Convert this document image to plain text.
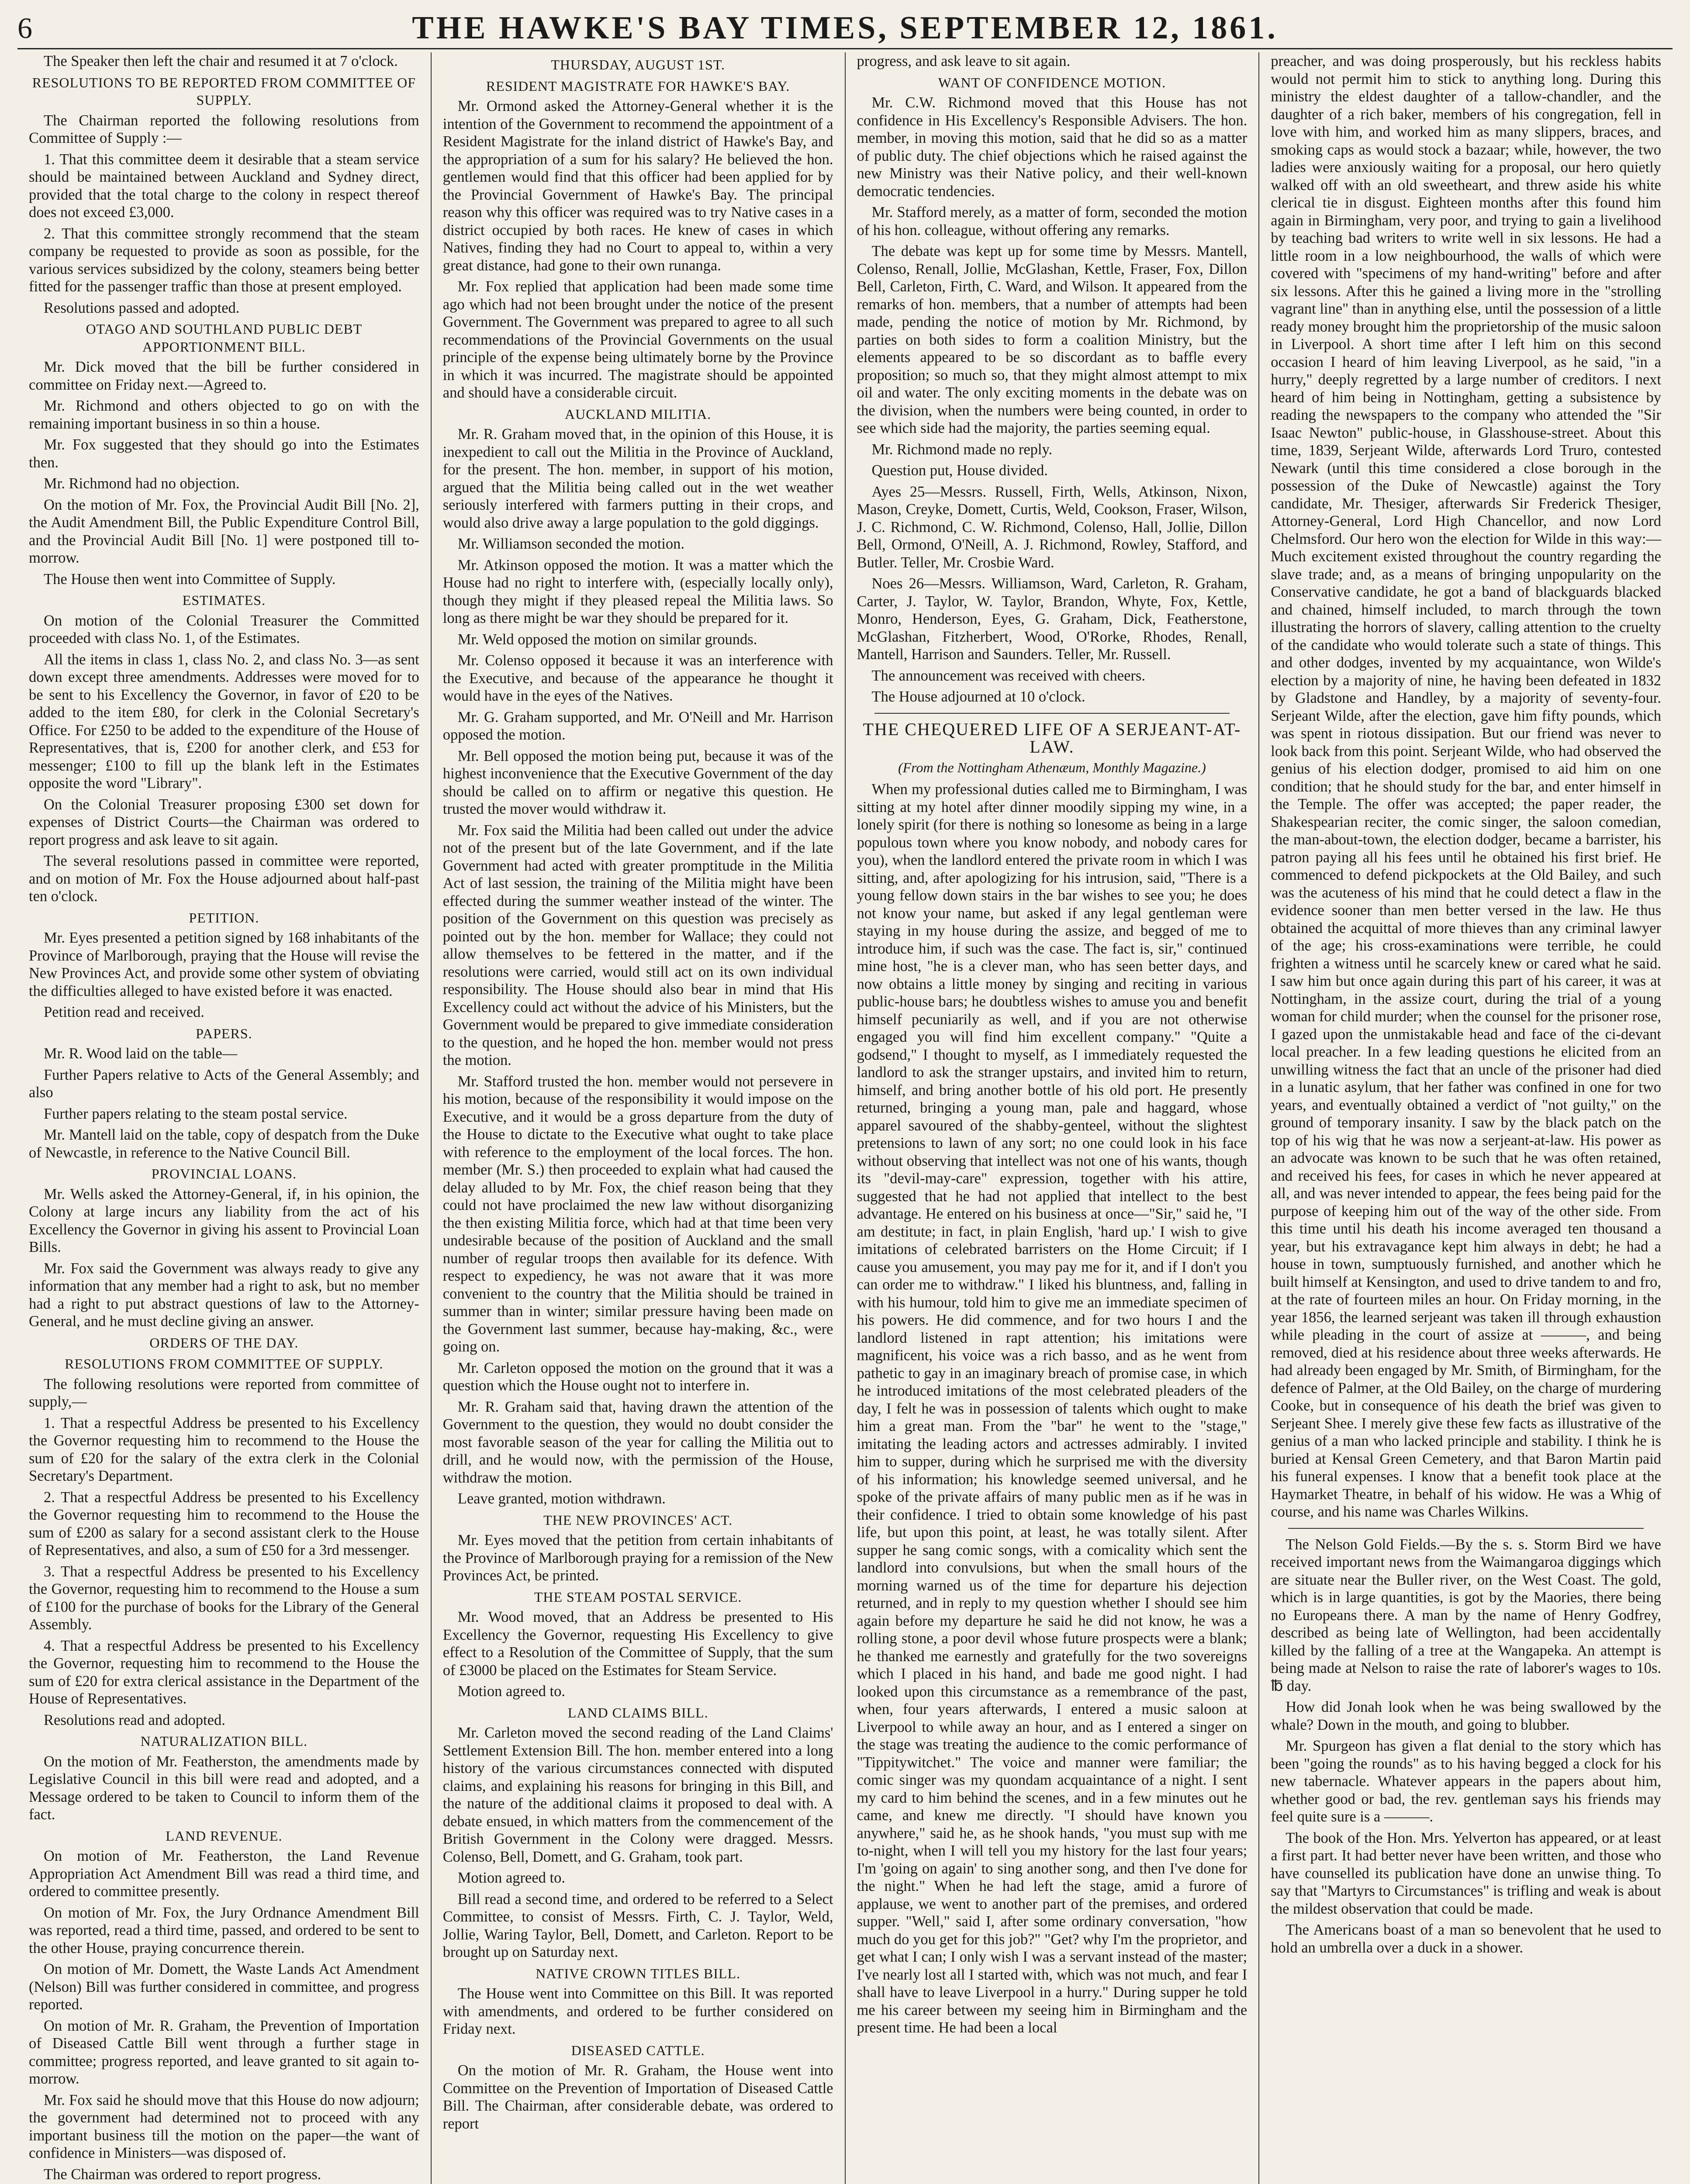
6	THE HAWKE'S BAY TIMES, SEPTEMBER 12, 1861.
The Speaker then left the chair and resumed it at 7 o'clock.
RESOLUTIONS TO BE REPORTED FROM COMMITTEE OF SUPPLY.
The Chairman reported the following resolutions from Committee of Supply :—
1. That this committee deem it desirable that a steam service should be maintained between Auckland and Sydney direct, provided that the total charge to the colony in respect thereof does not exceed £3,000.
2. That this committee strongly recommend that the steam company be requested to provide as soon as possible, for the various services subsidized by the colony, steamers being better fitted for the passenger traffic than those at present employed.
Resolutions passed and adopted.
OTAGO AND SOUTHLAND PUBLIC DEBT APPORTIONMENT BILL.
Mr. Dick moved that the bill be further considered in committee on Friday next.—Agreed to.
Mr. Richmond and others objected to go on with the remaining important business in so thin a house.
Mr. Fox suggested that they should go into the Estimates then.
Mr. Richmond had no objection.
On the motion of Mr. Fox, the Provincial Audit Bill [No. 2], the Audit Amendment Bill, the Public Expenditure Control Bill, and the Provincial Audit Bill [No. 1] were postponed till to-morrow.
The House then went into Committee of Supply.
ESTIMATES.
On motion of the Colonial Treasurer the Committed proceeded with class No. 1, of the Estimates.
All the items in class 1, class No. 2, and class No. 3—as sent down except three amendments. Addresses were moved for to be sent to his Excellency the Governor, in favor of £20 to be added to the item £80, for clerk in the Colonial Secretary's Office. For £250 to be added to the expenditure of the House of Representatives, that is, £200 for another clerk, and £53 for messenger; £100 to fill up the blank left in the Estimates opposite the word "Library".
On the Colonial Treasurer proposing £300 set down for expenses of District Courts—the Chairman was ordered to report progress and ask leave to sit again.
The several resolutions passed in committee were reported, and on motion of Mr. Fox the House adjourned about half-past ten o'clock.
PETITION.
Mr. Eyes presented a petition signed by 168 inhabitants of the Province of Marlborough, praying that the House will revise the New Provinces Act, and provide some other system of obviating the difficulties alleged to have existed before it was enacted.
Petition read and received.
PAPERS.
Mr. R. Wood laid on the table—
Further Papers relative to Acts of the General Assembly; and also
Further papers relating to the steam postal service.
Mr. Mantell laid on the table, copy of despatch from the Duke of Newcastle, in reference to the Native Council Bill.
PROVINCIAL LOANS.
Mr. Wells asked the Attorney-General, if, in his opinion, the Colony at large incurs any liability from the act of his Excellency the Governor in giving his assent to Provincial Loan Bills.
Mr. Fox said the Government was always ready to give any information that any member had a right to ask, but no member had a right to put abstract questions of law to the Attorney-General, and he must decline giving an answer.
ORDERS OF THE DAY.
RESOLUTIONS FROM COMMITTEE OF SUPPLY.
The following resolutions were reported from committee of supply,—
1. That a respectful Address be presented to his Excellency the Governor requesting him to recommend to the House the sum of £20 for the salary of the extra clerk in the Colonial Secretary's Department.
2. That a respectful Address be presented to his Excellency the Governor requesting him to recommend to the House the sum of £200 as salary for a second assistant clerk to the House of Representatives, and also, a sum of £50 for a 3rd messenger.
3. That a respectful Address be presented to his Excellency the Governor, requesting him to recommend to the House a sum of £100 for the purchase of books for the Library of the General Assembly.
4. That a respectful Address be presented to his Excellency the Governor, requesting him to recommend to the House the sum of £20 for extra clerical assistance in the Department of the House of Representatives.
Resolutions read and adopted.
NATURALIZATION BILL.
On the motion of Mr. Featherston, the amendments made by Legislative Council in this bill were read and adopted, and a Message ordered to be taken to Council to inform them of the fact.
LAND REVENUE.
On motion of Mr. Featherston, the Land Revenue Appropriation Act Amendment Bill was read a third time, and ordered to committee presently.
On motion of Mr. Fox, the Jury Ordnance Amendment Bill was reported, read a third time, passed, and ordered to be sent to the other House, praying concurrence therein.
On motion of Mr. Domett, the Waste Lands Act Amendment (Nelson) Bill was further considered in committee, and progress reported.
On motion of Mr. R. Graham, the Prevention of Importation of Diseased Cattle Bill went through a further stage in committee; progress reported, and leave granted to sit again to-morrow.
Mr. Fox said he should move that this House do now adjourn; the government had determined not to proceed with any important business till the motion on the paper—the want of confidence in Ministers—was disposed of.
The Chairman was ordered to report progress.
THURSDAY, AUGUST 1ST.
RESIDENT MAGISTRATE FOR HAWKE'S BAY.
Mr. Ormond asked the Attorney-General whether it is the intention of the Government to recommend the appointment of a Resident Magistrate for the inland district of Hawke's Bay, and the appropriation of a sum for his salary? He believed the hon. gentlemen would find that this officer had been applied for by the Provincial Government of Hawke's Bay. The principal reason why this officer was required was to try Native cases in a district occupied by both races. He knew of cases in which Natives, finding they had no Court to appeal to, within a very great distance, had gone to their own runanga.
Mr. Fox replied that application had been made some time ago which had not been brought under the notice of the present Government. The Government was prepared to agree to all such recommendations of the Provincial Governments on the usual principle of the expense being ultimately borne by the Province in which it was incurred. The magistrate should be appointed and should have a considerable circuit.
AUCKLAND MILITIA.
Mr. R. Graham moved that, in the opinion of this House, it is inexpedient to call out the Militia in the Province of Auckland, for the present. The hon. member, in support of his motion, argued that the Militia being called out in the wet weather seriously interfered with farmers putting in their crops, and would also drive away a large population to the gold diggings.
Mr. Williamson seconded the motion.
Mr. Atkinson opposed the motion. It was a matter which the House had no right to interfere with, (especially locally only), though they might if they pleased repeal the Militia laws. So long as there might be war they should be prepared for it.
Mr. Weld opposed the motion on similar grounds.
Mr. Colenso opposed it because it was an interference with the Executive, and because of the appearance he thought it would have in the eyes of the Natives.
Mr. G. Graham supported, and Mr. O'Neill and Mr. Harrison opposed the motion.
Mr. Bell opposed the motion being put, because it was of the highest inconvenience that the Executive Government of the day should be called on to affirm or negative this question. He trusted the mover would withdraw it.
Mr. Fox said the Militia had been called out under the advice not of the present but of the late Government, and if the late Government had acted with greater promptitude in the Militia Act of last session, the training of the Militia might have been effected during the summer weather instead of the winter. The position of the Government on this question was precisely as pointed out by the hon. member for Wallace; they could not allow themselves to be fettered in the matter, and if the resolutions were carried, would still act on its own individual responsibility. The House should also bear in mind that His Excellency could act without the advice of his Ministers, but the Government would be prepared to give immediate consideration to the question, and he hoped the hon. member would not press the motion.
Mr. Stafford trusted the hon. member would not persevere in his motion, because of the responsibility it would impose on the Executive, and it would be a gross departure from the duty of the House to dictate to the Executive what ought to take place with reference to the employment of the local forces. The hon. member (Mr. S.) then proceeded to explain what had caused the delay alluded to by Mr. Fox, the chief reason being that they could not have proclaimed the new law without disorganizing the then existing Militia force, which had at that time been very undesirable because of the position of Auckland and the small number of regular troops then available for its defence. With respect to expediency, he was not aware that it was more convenient to the country that the Militia should be trained in summer than in winter; similar pressure having been made on the Government last summer, because hay-making, &c., were going on.
Mr. Carleton opposed the motion on the ground that it was a question which the House ought not to interfere in.
Mr. R. Graham said that, having drawn the attention of the Government to the question, they would no doubt consider the most favorable season of the year for calling the Militia out to drill, and he would now, with the permission of the House, withdraw the motion.
Leave granted, motion withdrawn.
THE NEW PROVINCES' ACT.
Mr. Eyes moved that the petition from certain inhabitants of the Province of Marlborough praying for a remission of the New Provinces Act, be printed.
THE STEAM POSTAL SERVICE.
Mr. Wood moved, that an Address be presented to His Excellency the Governor, requesting His Excellency to give effect to a Resolution of the Committee of Supply, that the sum of £3000 be placed on the Estimates for Steam Service.
Motion agreed to.
LAND CLAIMS BILL.
Mr. Carleton moved the second reading of the Land Claims' Settlement Extension Bill. The hon. member entered into a long history of the various circumstances connected with disputed claims, and explaining his reasons for bringing in this Bill, and the nature of the additional claims it proposed to deal with. A debate ensued, in which matters from the commencement of the British Government in the Colony were dragged. Messrs. Colenso, Bell, Domett, and G. Graham, took part.
Motion agreed to.
Bill read a second time, and ordered to be referred to a Select Committee, to consist of Messrs. Firth, C. J. Taylor, Weld, Jollie, Waring Taylor, Bell, Domett, and Carleton. Report to be brought up on Saturday next.
NATIVE CROWN TITLES BILL.
The House went into Committee on this Bill. It was reported with amendments, and ordered to be further considered on Friday next.
DISEASED CATTLE.
On the motion of Mr. R. Graham, the House went into Committee on the Prevention of Importation of Diseased Cattle Bill. The Chairman, after considerable debate, was ordered to report
progress, and ask leave to sit again.
WANT OF CONFIDENCE MOTION.
Mr. C.W. Richmond moved that this House has not confidence in His Excellency's Responsible Advisers. The hon. member, in moving this motion, said that he did so as a matter of public duty. The chief objections which he raised against the new Ministry was their Native policy, and their well-known democratic tendencies.
Mr. Stafford merely, as a matter of form, seconded the motion of his hon. colleague, without offering any remarks.
The debate was kept up for some time by Messrs. Mantell, Colenso, Renall, Jollie, McGlashan, Kettle, Fraser, Fox, Dillon Bell, Carleton, Firth, C. Ward, and Wilson. It appeared from the remarks of hon. members, that a number of attempts had been made, pending the notice of motion by Mr. Richmond, by parties on both sides to form a coalition Ministry, but the elements appeared to be so discordant as to baffle every proposition; so much so, that they might almost attempt to mix oil and water. The only exciting moments in the debate was on the division, when the numbers were being counted, in order to see which side had the majority, the parties seeming equal.
Mr. Richmond made no reply.
Question put, House divided.
Ayes 25—Messrs. Russell, Firth, Wells, Atkinson, Nixon, Mason, Creyke, Domett, Curtis, Weld, Cookson, Fraser, Wilson, J. C. Richmond, C. W. Richmond, Colenso, Hall, Jollie, Dillon Bell, Ormond, O'Neill, A. J. Richmond, Rowley, Stafford, and Butler. Teller, Mr. Crosbie Ward.
Noes 26—Messrs. Williamson, Ward, Carleton, R. Graham, Carter, J. Taylor, W. Taylor, Brandon, Whyte, Fox, Kettle, Monro, Henderson, Eyes, G. Graham, Dick, Featherstone, McGlashan, Fitzherbert, Wood, O'Rorke, Rhodes, Renall, Mantell, Harrison and Saunders. Teller, Mr. Russell.
The announcement was received with cheers.
The House adjourned at 10 o'clock.
THE CHEQUERED LIFE OF A SERJEANT-AT-LAW.
(From the Nottingham Athenæum, Monthly Magazine.)
When my professional duties called me to Birmingham, I was sitting at my hotel after dinner moodily sipping my wine, in a lonely spirit (for there is nothing so lonesome as being in a large populous town where you know nobody, and nobody cares for you), when the landlord entered the private room in which I was sitting, and, after apologizing for his intrusion, said, "There is a young fellow down stairs in the bar wishes to see you; he does not know your name, but asked if any legal gentleman were staying in my house during the assize, and begged of me to introduce him, if such was the case. The fact is, sir," continued mine host, "he is a clever man, who has seen better days, and now obtains a little money by singing and reciting in various public-house bars; he doubtless wishes to amuse you and benefit himself pecuniarily as well, and if you are not otherwise engaged you will find him excellent company." "Quite a godsend," I thought to myself, as I immediately requested the landlord to ask the stranger upstairs, and invited him to return, himself, and bring another bottle of his old port. He presently returned, bringing a young man, pale and haggard, whose apparel savoured of the shabby-genteel, without the slightest pretensions to lawn of any sort; no one could look in his face without observing that intellect was not one of his wants, though its "devil-may-care" expression, together with his attire, suggested that he had not applied that intellect to the best advantage. He entered on his business at once—"Sir," said he, "I am destitute; in fact, in plain English, 'hard up.' I wish to give imitations of celebrated barristers on the Home Circuit; if I cause you amusement, you may pay me for it, and if I don't you can order me to withdraw." I liked his bluntness, and, falling in with his humour, told him to give me an immediate specimen of his powers. He did commence, and for two hours I and the landlord listened in rapt attention; his imitations were magnificent, his voice was a rich basso, and as he went from pathetic to gay in an imaginary breach of promise case, in which he introduced imitations of the most celebrated pleaders of the day, I felt he was in possession of talents which ought to make him a great man. From the "bar" he went to the "stage," imitating the leading actors and actresses admirably. I invited him to supper, during which he surprised me with the diversity of his information; his knowledge seemed universal, and he spoke of the private affairs of many public men as if he was in their confidence. I tried to obtain some knowledge of his past life, but upon this point, at least, he was totally silent. After supper he sang comic songs, with a comicality which sent the landlord into convulsions, but when the small hours of the morning warned us of the time for departure his dejection returned, and in reply to my question whether I should see him again before my departure he said he did not know, he was a rolling stone, a poor devil whose future prospects were a blank; he thanked me earnestly and gratefully for the two sovereigns which I placed in his hand, and bade me good night. I had looked upon this circumstance as a remembrance of the past, when, four years afterwards, I entered a music saloon at Liverpool to while away an hour, and as I entered a singer on the stage was treating the audience to the comic performance of "Tippitywitchet." The voice and manner were familiar; the comic singer was my quondam acquaintance of a night. I sent my card to him behind the scenes, and in a few minutes out he came, and knew me directly. "I should have known you anywhere," said he, as he shook hands, "you must sup with me to-night, when I will tell you my history for the last four years; I'm 'going on again' to sing another song, and then I've done for the night." When he had left the stage, amid a furore of applause, we went to another part of the premises, and ordered supper. "Well," said I, after some ordinary conversation, "how much do you get for this job?" "Get? why I'm the proprietor, and get what I can; I only wish I was a servant instead of the master; I've nearly lost all I started with, which was not much, and fear I shall have to leave Liverpool in a hurry." During supper he told me his career between my seeing him in Birmingham and the present time. He had been a local
preacher, and was doing prosperously, but his reckless habits would not permit him to stick to anything long. During this ministry the eldest daughter of a tallow-chandler, and the daughter of a rich baker, members of his congregation, fell in love with him, and worked him as many slippers, braces, and smoking caps as would stock a bazaar; while, however, the two ladies were anxiously waiting for a proposal, our hero quietly walked off with an old sweetheart, and threw aside his white clerical tie in disgust. Eighteen months after this found him again in Birmingham, very poor, and trying to gain a livelihood by teaching bad writers to write well in six lessons. He had a little room in a low neighbourhood, the walls of which were covered with "specimens of my hand-writing" before and after six lessons. After this he gained a living more in the "strolling vagrant line" than in anything else, until the possession of a little ready money brought him the proprietorship of the music saloon in Liverpool. A short time after I left him on this second occasion I heard of him leaving Liverpool, as he said, "in a hurry," deeply regretted by a large number of creditors. I next heard of him being in Nottingham, getting a subsistence by reading the newspapers to the company who attended the "Sir Isaac Newton" public-house, in Glasshouse-street. About this time, 1839, Serjeant Wilde, afterwards Lord Truro, contested Newark (until this time considered a close borough in the possession of the Duke of Newcastle) against the Tory candidate, Mr. Thesiger, afterwards Sir Frederick Thesiger, Attorney-General, Lord High Chancellor, and now Lord Chelmsford. Our hero won the election for Wilde in this way:—Much excitement existed throughout the country regarding the slave trade; and, as a means of bringing unpopularity on the Conservative candidate, he got a band of blackguards blacked and chained, himself included, to march through the town illustrating the horrors of slavery, calling attention to the cruelty of the candidate who would tolerate such a state of things. This and other dodges, invented by my acquaintance, won Wilde's election by a majority of nine, he having been defeated in 1832 by Gladstone and Handley, by a majority of seventy-four. Serjeant Wilde, after the election, gave him fifty pounds, which was spent in riotous dissipation. But our friend was never to look back from this point. Serjeant Wilde, who had observed the genius of his election dodger, promised to aid him on one condition; that he should study for the bar, and enter himself in the Temple. The offer was accepted; the paper reader, the Shakespearian reciter, the comic singer, the saloon comedian, the man-about-town, the election dodger, became a barrister, his patron paying all his fees until he obtained his first brief. He commenced to defend pickpockets at the Old Bailey, and such was the acuteness of his mind that he could detect a flaw in the evidence sooner than men better versed in the law. He thus obtained the acquittal of more thieves than any criminal lawyer of the age; his cross-examinations were terrible, he could frighten a witness until he scarcely knew or cared what he said. I saw him but once again during this part of his career, it was at Nottingham, in the assize court, during the trial of a young woman for child murder; when the counsel for the prisoner rose, I gazed upon the unmistakable head and face of the ci-devant local preacher. In a few leading questions he elicited from an unwilling witness the fact that an uncle of the prisoner had died in a lunatic asylum, that her father was confined in one for two years, and eventually obtained a verdict of "not guilty," on the ground of temporary insanity. I saw by the black patch on the top of his wig that he was now a serjeant-at-law. His power as an advocate was known to be such that he was often retained, and received his fees, for cases in which he never appeared at all, and was never intended to appear, the fees being paid for the purpose of keeping him out of the way of the other side. From this time until his death his income averaged ten thousand a year, but his extravagance kept him always in debt; he had a house in town, sumptuously furnished, and another which he built himself at Kensington, and used to drive tandem to and fro, at the rate of fourteen miles an hour. On Friday morning, in the year 1856, the learned serjeant was taken ill through exhaustion while pleading in the court of assize at ———, and being removed, died at his residence about three weeks afterwards. He had already been engaged by Mr. Smith, of Birmingham, for the defence of Palmer, at the Old Bailey, on the charge of murdering Cooke, but in consequence of his death the brief was given to Serjeant Shee. I merely give these few facts as illustrative of the genius of a man who lacked principle and stability. I think he is buried at Kensal Green Cemetery, and that Baron Martin paid his funeral expenses. I know that a benefit took place at the Haymarket Theatre, in behalf of his widow. He was a Whig of course, and his name was Charles Wilkins.
The Nelson Gold Fields.—By the s. s. Storm Bird we have received important news from the Waimangaroa diggings which are situate near the Buller river, on the West Coast. The gold, which is in large quantities, is got by the Maories, there being no Europeans there. A man by the name of Henry Godfrey, described as being late of Wellington, had been accidentally killed by the falling of a tree at the Wangapeka. An attempt is being made at Nelson to raise the rate of laborer's wages to 10s. ℔ day.
How did Jonah look when he was being swallowed by the whale? Down in the mouth, and going to blubber.
Mr. Spurgeon has given a flat denial to the story which has been "going the rounds" as to his having begged a clock for his new tabernacle. Whatever appears in the papers about him, whether good or bad, the rev. gentleman says his friends may feel quite sure is a ———.
The book of the Hon. Mrs. Yelverton has appeared, or at least a first part. It had better never have been written, and those who have counselled its publication have done an unwise thing. To say that "Martyrs to Circumstances" is trifling and weak is about the mildest observation that could be made.
The Americans boast of a man so benevolent that he used to hold an umbrella over a duck in a shower.
